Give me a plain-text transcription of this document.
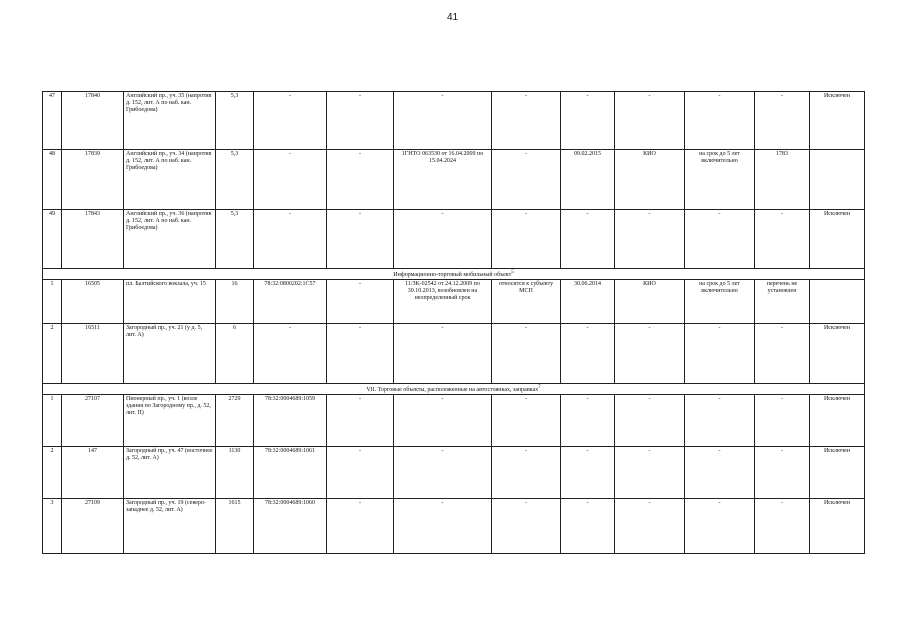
41
47	17840	Английский пр., уч. 35 (напротив д. 152, лит. А по наб. кан. Грибоедова)	5,3	-	-	-	-	-	-	-	-	Исключен
48	17839	Английский пр., уч. 34 (напротив д. 152, лит. А по наб. кан. Грибоедова)	5,3	-	-	1ГНТО 063530 от 16.04.2009 по 15.04.2024	-	09.02.2015	КИО	на срок до 5 лет включительно	1783	
49	17843	Английский пр., уч. 36 (напротив д. 152, лит. А по наб. кан. Грибоедова)	5,3	-	-	-	-	-	-	-	-	Исключен
Информационно-торговый мобильный объект$^5$
1	16505	пл. Балтийского вокзала, уч. 15	16	78:32:0800202:1С57	-	11/ЗК-02542 от 24.12.2009 по 30.10.2013, возобновлен на неопределенный срок	относится к субъекту МСП	30.06.2014	КИО	на срок до 5 лет включительно	перечень не установлен	
2	16511	Загородный пр., уч. 21 (у д. 5, лит. А)	6	-	-	-	-	-	-	-	-	Исключен
VII. Торговые объекты, расположенные на автостоянках, заправках$^7$
1	27107	Пионерный пр., уч. 1 (возле здания по Загородному пр., д. 52, лит. П)	2729	78:32:0004689:1059	-	-	-	-	-	-	-	Исключен
2	147	Загородный пр., уч. 47 (восточнее д. 52, лит. А)	1130	78:32:0004689:1061	-	-	-	-	-	-	-	Исключен
3	27109	Загородный пр., уч. 19 (северо-западнее д. 52, лит. А)	1615	78:32:0004689:1060	-	-	-	-	-	-	-	Исключен
